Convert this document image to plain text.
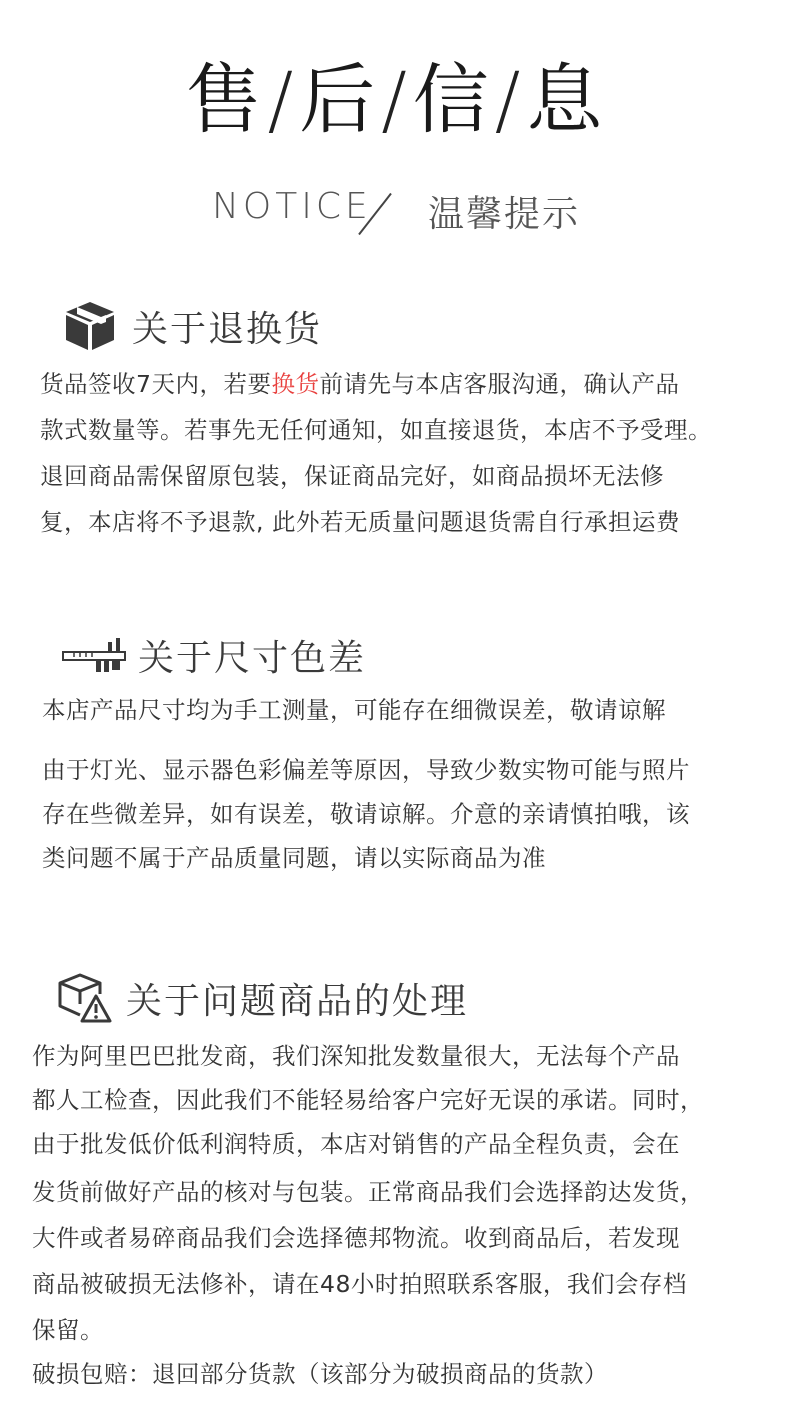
售/后/信/息
NOTICE 温馨提示
关于退换货
货品签收7天内，若要换货前请先与本店客服沟通，确认产品
款式数量等。若事先无任何通知，如直接退货，本店不予受理。
退回商品需保留原包装，保证商品完好，如商品损坏无法修
复，本店将不予退款, 此外若无质量问题退货需自行承担运费
关于尺寸色差
本店产品尺寸均为手工测量，可能存在细微误差，敬请谅解
由于灯光、显示器色彩偏差等原因，导致少数实物可能与照片
存在些微差异，如有误差，敬请谅解。介意的亲请慎拍哦，该
类问题不属于产品质量同题，请以实际商品为准
关于问题商品的处理
作为阿里巴巴批发商，我们深知批发数量很大，无法每个产品
都人工检查，因此我们不能轻易给客户完好无误的承诺。同时，
由于批发低价低利润特质，本店对销售的产品全程负责，会在
发货前做好产品的核对与包装。正常商品我们会选择韵达发货，
大件或者易碎商品我们会选择德邦物流。收到商品后，若发现
商品被破损无法修补，请在48小时拍照联系客服，我们会存档
保留。
破损包赔：退回部分货款（该部分为破损商品的货款）
